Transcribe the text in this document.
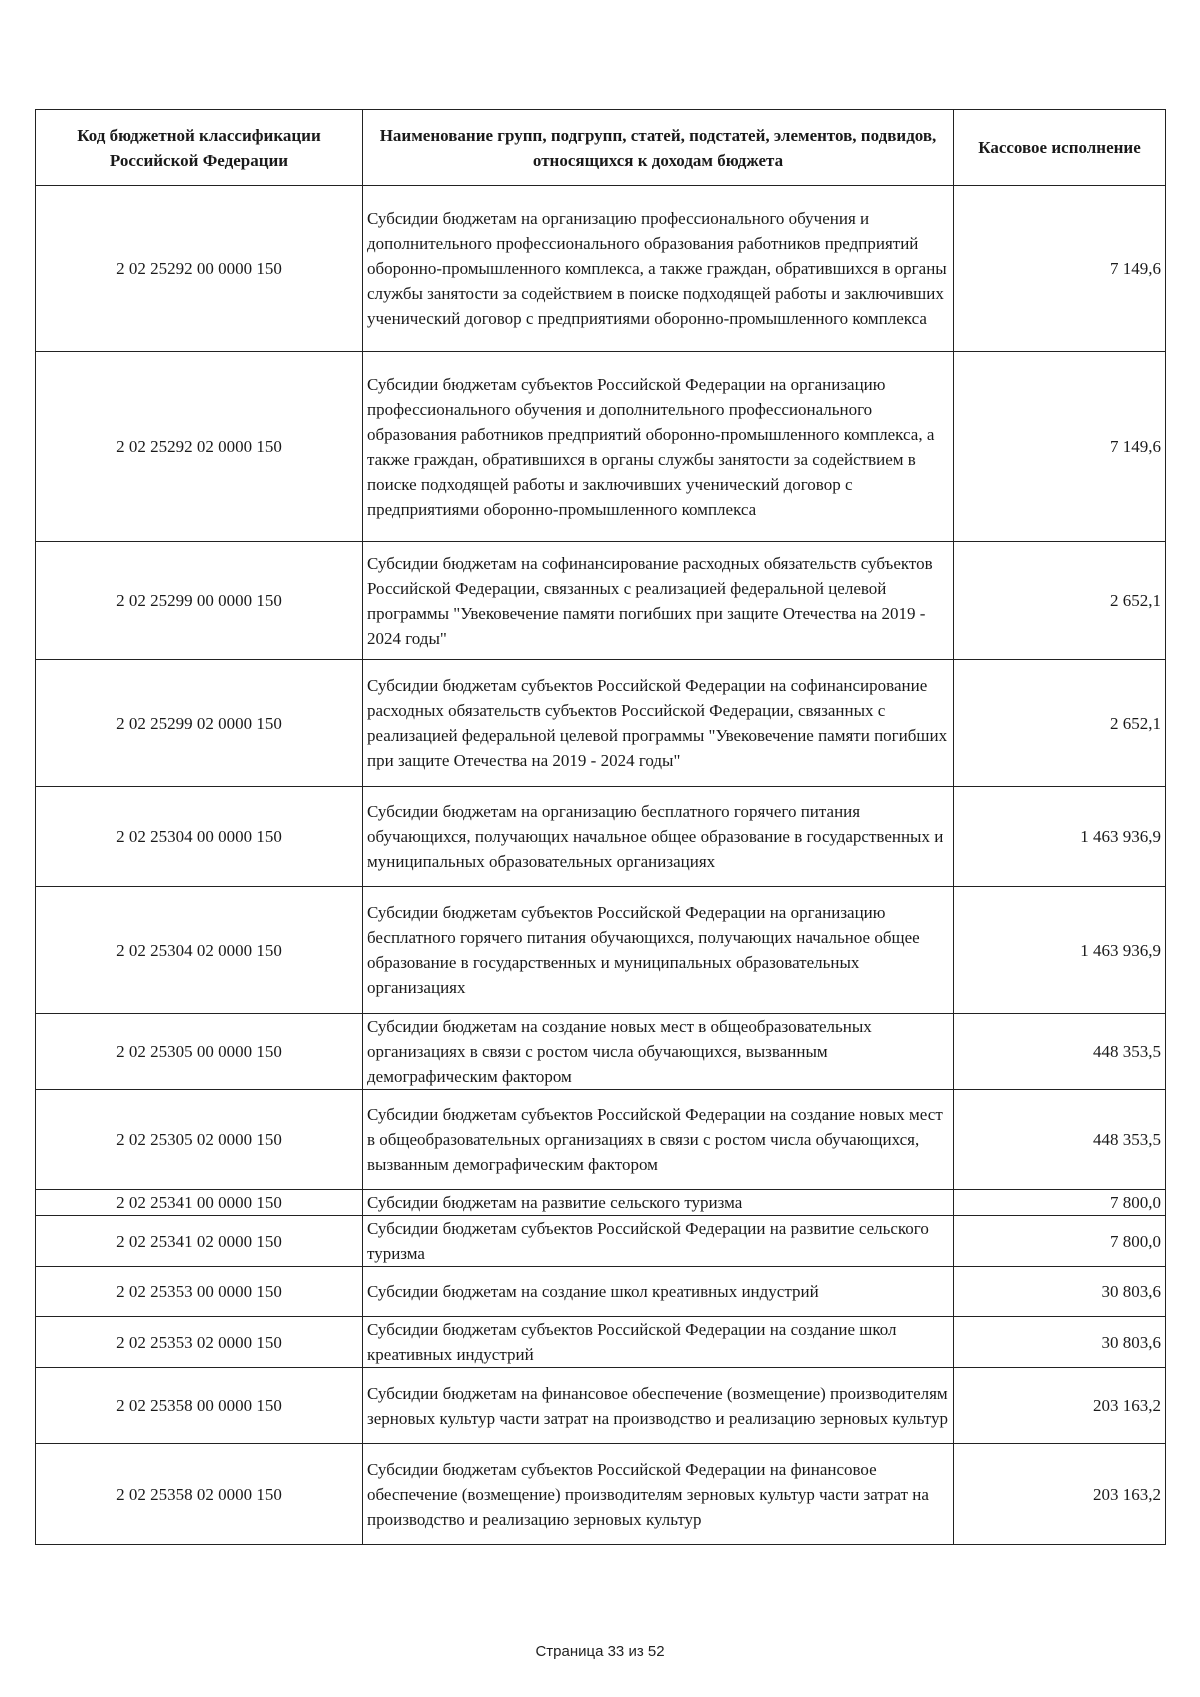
Код бюджетной классификации Российской Федерации	Наименование групп, подгрупп, статей, подстатей, элементов, подвидов, относящихся к доходам бюджета	Кассовое исполнение
2 02 25292 00 0000 150	Субсидии бюджетам на организацию профессионального обучения и дополнительного профессионального образования работников предприятий оборонно-промышленного комплекса, а также граждан, обратившихся в органы службы занятости за содействием в поиске подходящей работы и заключивших ученический договор с предприятиями оборонно-промышленного комплекса	7 149,6
2 02 25292 02 0000 150	Субсидии бюджетам субъектов Российской Федерации на организацию профессионального обучения и дополнительного профессионального образования работников предприятий оборонно-промышленного комплекса, а также граждан, обратившихся в органы службы занятости за содействием в поиске подходящей работы и заключивших ученический договор с предприятиями оборонно-промышленного комплекса	7 149,6
2 02 25299 00 0000 150	Субсидии бюджетам на софинансирование расходных обязательств субъектов Российской Федерации, связанных с реализацией федеральной целевой программы "Увековечение памяти погибших при защите Отечества на 2019 - 2024 годы"	2 652,1
2 02 25299 02 0000 150	Субсидии бюджетам субъектов Российской Федерации на софинансирование расходных обязательств субъектов Российской Федерации, связанных с реализацией федеральной целевой программы "Увековечение памяти погибших при защите Отечества на 2019 - 2024 годы"	2 652,1
2 02 25304 00 0000 150	Субсидии бюджетам на организацию бесплатного горячего питания обучающихся, получающих начальное общее образование в государственных и муниципальных образовательных организациях	1 463 936,9
2 02 25304 02 0000 150	Субсидии бюджетам субъектов Российской Федерации на организацию бесплатного горячего питания обучающихся, получающих начальное общее образование в государственных и муниципальных образовательных организациях	1 463 936,9
2 02 25305 00 0000 150	Субсидии бюджетам на создание новых мест в общеобразовательных организациях в связи с ростом числа обучающихся, вызванным демографическим фактором	448 353,5
2 02 25305 02 0000 150	Субсидии бюджетам субъектов Российской Федерации на создание новых мест в общеобразовательных организациях в связи с ростом числа обучающихся, вызванным демографическим фактором	448 353,5
2 02 25341 00 0000 150	Субсидии бюджетам на развитие сельского туризма	7 800,0
2 02 25341 02 0000 150	Субсидии бюджетам субъектов Российской Федерации на развитие сельского туризма	7 800,0
2 02 25353 00 0000 150	Субсидии бюджетам на создание школ креативных индустрий	30 803,6
2 02 25353 02 0000 150	Субсидии бюджетам субъектов Российской Федерации на создание школ креативных индустрий	30 803,6
2 02 25358 00 0000 150	Субсидии бюджетам на финансовое обеспечение (возмещение) производителям зерновых культур части затрат на производство и реализацию зерновых культур	203 163,2
2 02 25358 02 0000 150	Субсидии бюджетам субъектов Российской Федерации на финансовое обеспечение (возмещение) производителям зерновых культур части затрат на производство и реализацию зерновых культур	203 163,2
Страница 33 из 52
